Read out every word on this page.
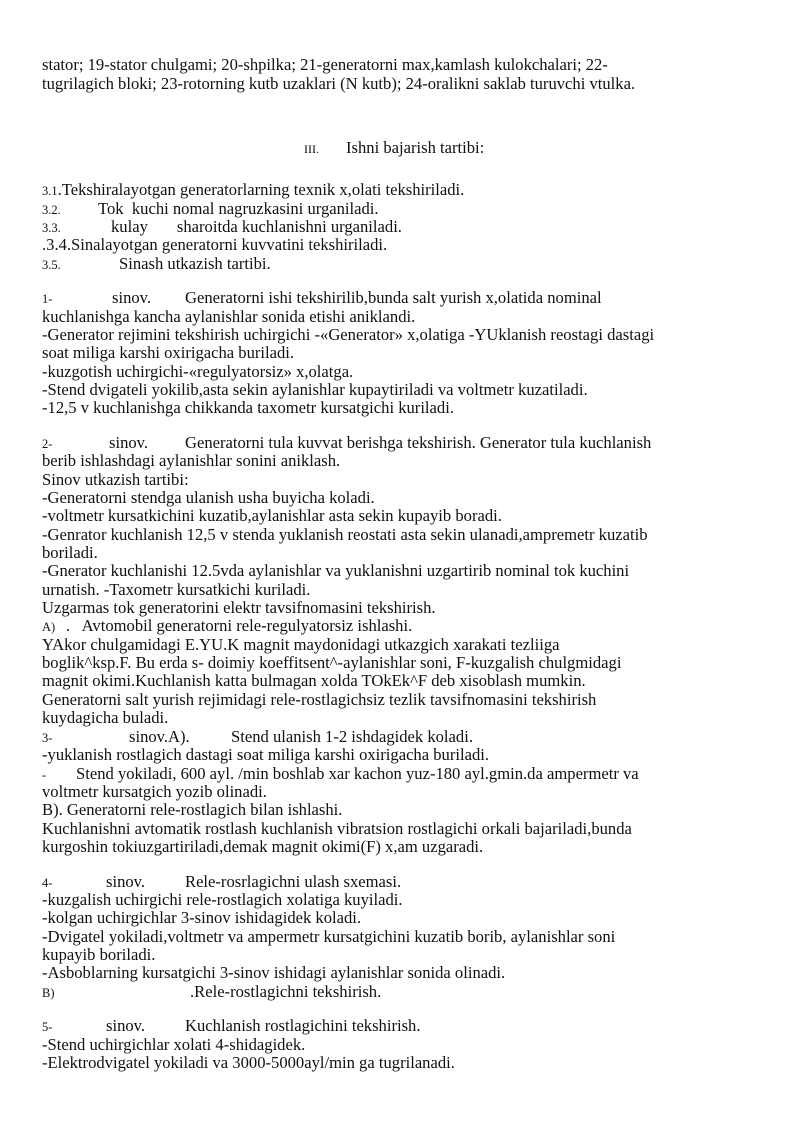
stator; 19-stator chulgami; 20-shpilka; 21-generatorni max,kamlash kulokchalari; 22-
tugrilagich bloki; 23-rotorning kutb uzaklari (N kutb); 24-oralikni saklab turuvchi vtulka.
III. Ishni bajarish tartibi:
3.1.Tekshiralayotgan generatorlarning texnik x,olati tekshiriladi.
3.2. Tok  kuchi nomal nagruzkasini urganiladi.
3.3.	kulay       sharoitda kuchlanishni urganiladi.
.3.4.Sinalayotgan generatorni kuvvatini tekshiriladi.
3.5.	Sinash utkazish tartibi.
1-	sinov. Generatorni ishi tekshirilib,bunda salt yurish x,olatida nominal
kuchlanishga kancha aylanishlar sonida etishi aniklandi.
-Generator rejimini tekshirish uchirgichi -«Generator» x,olatiga -YUklanish reostagi dastagi
soat miliga karshi oxirigacha buriladi.
-kuzgotish uchirgichi-«regulyatorsiz» x,olatga.
-Stend dvigateli yokilib,asta sekin aylanishlar kupaytiriladi va voltmetr kuzatiladi.
-12,5 v kuchlanishga chikkanda taxometr kursatgichi kuriladi.
2-	sinov. Generatorni tula kuvvat berishga tekshirish. Generator tula kuchlanish
berib ishlashdagi aylanishlar sonini aniklash.
Sinov utkazish tartibi:
-Generatorni stendga ulanish usha buyicha koladi.
-voltmetr kursatkichini kuzatib,aylanishlar asta sekin kupayib boradi.
-Genrator kuchlanish 12,5 v stenda yuklanish reostati asta sekin ulanadi,ampremetr kuzatib
boriladi.
-Gnerator kuchlanishi 12.5vda aylanishlar va yuklanishni uzgartirib nominal tok kuchini
urnatish. -Taxometr kursatkichi kuriladi.
Uzgarmas tok generatorini elektr tavsifnomasini tekshirish.
A) .   Avtomobil generatorni rele-regulyatorsiz ishlashi.
YAkor chulgamidagi E.YU.K magnit maydonidagi utkazgich xarakati tezliiga
boglik^ksp.F. Bu erda s- doimiy koeffitsent^-aylanishlar soni, F-kuzgalish chulgmidagi
magnit okimi.Kuchlanish katta bulmagan xolda TOkEk^F deb xisoblash mumkin.
Generatorni salt yurish rejimidagi rele-rostlagichsiz tezlik tavsifnomasini tekshirish
kuydagicha buladi.
3-	sinov.A). Stend ulanish 1-2 ishdagidek koladi.
-yuklanish rostlagich dastagi soat miliga karshi oxirigacha buriladi.
- Stend yokiladi, 600 ayl. /min boshlab xar kachon yuz-180 ayl.gmin.da ampermetr va
voltmetr kursatgich yozib olinadi.
B). Generatorni rele-rostlagich bilan ishlashi.
Kuchlanishni avtomatik rostlash kuchlanish vibratsion rostlagichi orkali bajariladi,bunda
kurgoshin tokiuzgartiriladi,demak magnit okimi(F) x,am uzgaradi.
4-	sinov. Rele-rosrlagichni ulash sxemasi.
-kuzgalish uchirgichi rele-rostlagich xolatiga kuyiladi.
-kolgan uchirgichlar 3-sinov ishidagidek koladi.
-Dvigatel yokiladi,voltmetr va ampermetr kursatgichini kuzatib borib, aylanishlar soni
kupayib boriladi.
-Asboblarning kursatgichi 3-sinov ishidagi aylanishlar sonida olinadi.
B)	.Rele-rostlagichni tekshirish.
5-	sinov. Kuchlanish rostlagichini tekshirish.
-Stend uchirgichlar xolati 4-shidagidek.
-Elektrodvigatel yokiladi va 3000-5000ayl/min ga tugrilanadi.
